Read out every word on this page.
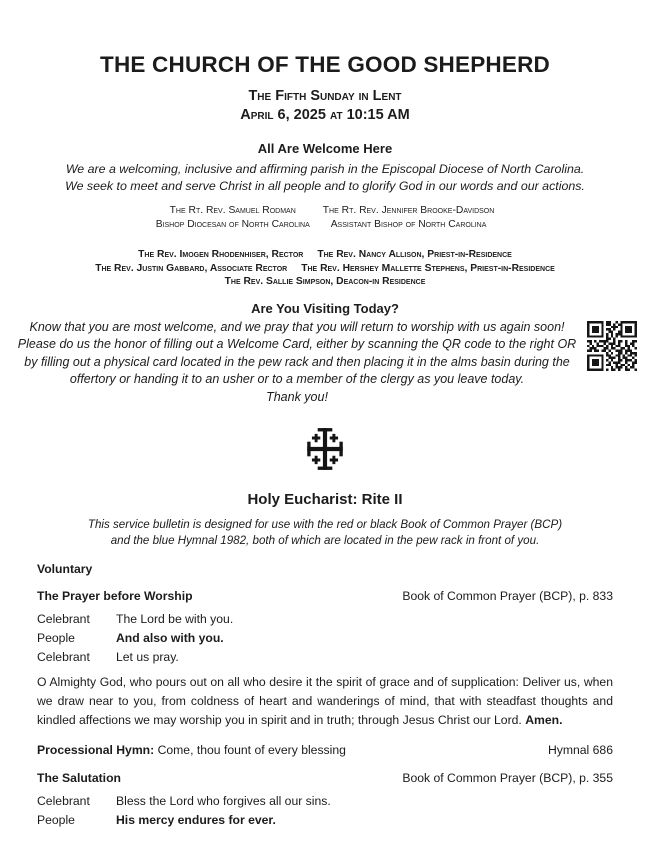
THE CHURCH OF THE GOOD SHEPHERD
The Fifth Sunday in Lent
April 6, 2025 at 10:15 AM
All Are Welcome Here
We are a welcoming, inclusive and affirming parish in the Episcopal Diocese of North Carolina.
We seek to meet and serve Christ in all people and to glorify God in our words and our actions.
The Rt. Rev. Samuel Rodman
Bishop Diocesan of North Carolina
The Rt. Rev. Jennifer Brooke-Davidson
Assistant Bishop of North Carolina
The Rev. Imogen Rhodenhiser, Rector The Rev. Nancy Allison, Priest-in-Residence
The Rev. Justin Gabbard, Associate Rector The Rev. Hershey Mallette Stephens, Priest-in-Residence
The Rev. Sallie Simpson, Deacon-in Residence
Are You Visiting Today?
Know that you are most welcome, and we pray that you will return to worship with us again soon! Please do us the honor of filling out a Welcome Card, either by scanning the QR code to the right OR by filling out a physical card located in the pew rack and then placing it in the alms basin during the offertory or handing it to an usher or to a member of the clergy as you leave today.
Thank you!
Holy Eucharist: Rite II
This service bulletin is designed for use with the red or black Book of Common Prayer (BCP)
and the blue Hymnal 1982, both of which are located in the pew rack in front of you.
Voluntary
The Prayer before Worship	Book of Common Prayer (BCP), p. 833
Celebrant	The Lord be with you.
People	And also with you.
Celebrant	Let us pray.
O Almighty God, who pours out on all who desire it the spirit of grace and of supplication: Deliver us, when we draw near to you, from coldness of heart and wanderings of mind, that with steadfast thoughts and kindled affections we may worship you in spirit and in truth; through Jesus Christ our Lord. Amen.
Processional Hymn: Come, thou fount of every blessing	Hymnal 686
The Salutation	Book of Common Prayer (BCP), p. 355
Celebrant	Bless the Lord who forgives all our sins.
People	His mercy endures for ever.
